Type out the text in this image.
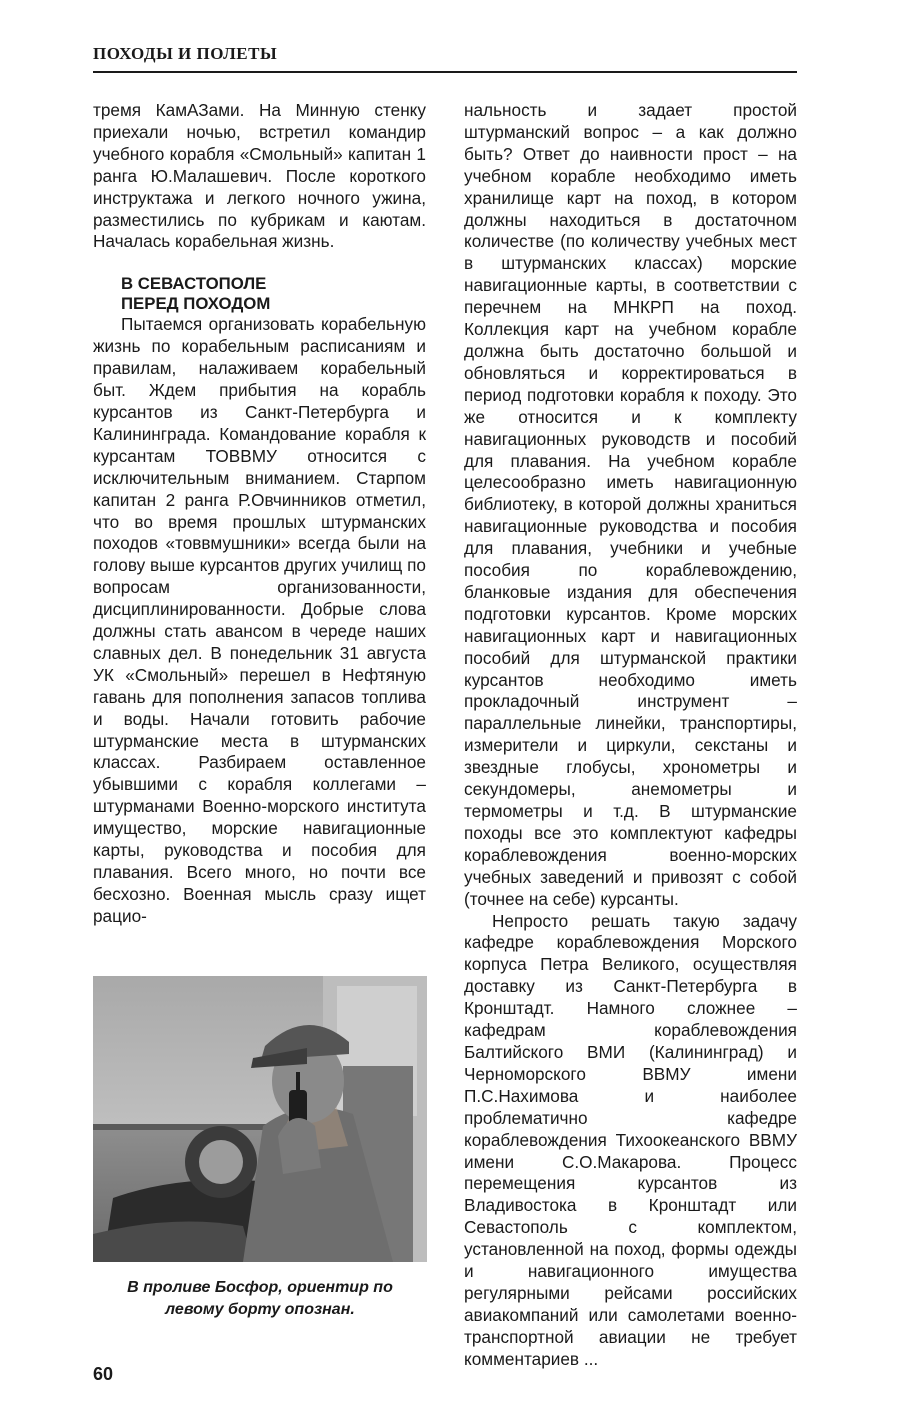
ПОХОДЫ И ПОЛЕТЫ

тремя КамАЗами. На Минную стенку приехали ночью, встретил командир учебного корабля «Смольный» капитан 1 ранга Ю.Малашевич. После короткого инструктажа и легкого ночного ужина, разместились по кубрикам и каютам. Началась корабельная жизнь.

В СЕВАСТОПОЛЕ
ПЕРЕД ПОХОДОМ

Пытаемся организовать корабельную жизнь по корабельным расписаниям и правилам, налаживаем корабельный быт. Ждем прибытия на корабль курсантов из Санкт-Петербурга и Калининграда. Командование корабля к курсантам ТОВВМУ относится с исключительным вниманием. Старпом капитан 2 ранга Р.Овчинников отметил, что во время прошлых штурманских походов «товвмушники» всегда были на голову выше курсантов других училищ по вопросам организованности, дисциплинированности. Добрые слова должны стать авансом в череде наших славных дел. В понедельник 31 августа УК «Смольный» перешел в Нефтяную гавань для пополнения запасов топлива и воды. Начали готовить рабочие штурманские места в штурманских классах. Разбираем оставленное убывшими с корабля коллегами – штурманами Военно-морского института имущество, морские навигационные карты, руководства и пособия для плавания. Всего много, но почти все бесхозно. Военная мысль сразу ищет рацио-

В проливе Босфор, ориентир по
левому борту опознан.

нальность и задает простой штурманский вопрос – а как должно быть? Ответ до наивности прост – на учебном корабле необходимо иметь хранилище карт на поход, в котором должны находиться в достаточном количестве (по количеству учебных мест в штурманских классах) морские навигационные карты, в соответствии с перечнем на МНКРП на поход. Коллекция карт на учебном корабле должна быть достаточно большой и обновляться и корректироваться в период подготовки корабля к походу. Это же относится и к комплекту навигационных руководств и пособий для плавания. На учебном корабле целесообразно иметь навигационную библиотеку, в которой должны храниться навигационные руководства и пособия для плавания, учебники и учебные пособия по кораблевождению, бланковые издания для обеспечения подготовки курсантов. Кроме морских навигационных карт и навигационных пособий для штурманской практики курсантов необходимо иметь прокладочный инструмент – параллельные линейки, транспортиры, измерители и циркули, секстаны и звездные глобусы, хронометры и секундомеры, анемометры и термометры и т.д. В штурманские походы все это комплектуют кафедры кораблевождения военно-морских учебных заведений и привозят с собой (точнее на себе) курсанты.

Непросто решать такую задачу кафедре кораблевождения Морского корпуса Петра Великого, осуществляя доставку из Санкт-Петербурга в Кронштадт. Намного сложнее – кафедрам кораблевождения Балтийского ВМИ (Калининград) и Черноморского ВВМУ имени П.С.Нахимова и наиболее проблематично кафедре кораблевождения Тихоокеанского ВВМУ имени С.О.Макарова. Процесс перемещения курсантов из Владивостока в Кронштадт или Севастополь с комплектом, установленной на поход, формы одежды и навигационного имущества регулярными рейсами российских авиакомпаний или самолетами военно-транспортной авиации не требует комментариев ...

60
